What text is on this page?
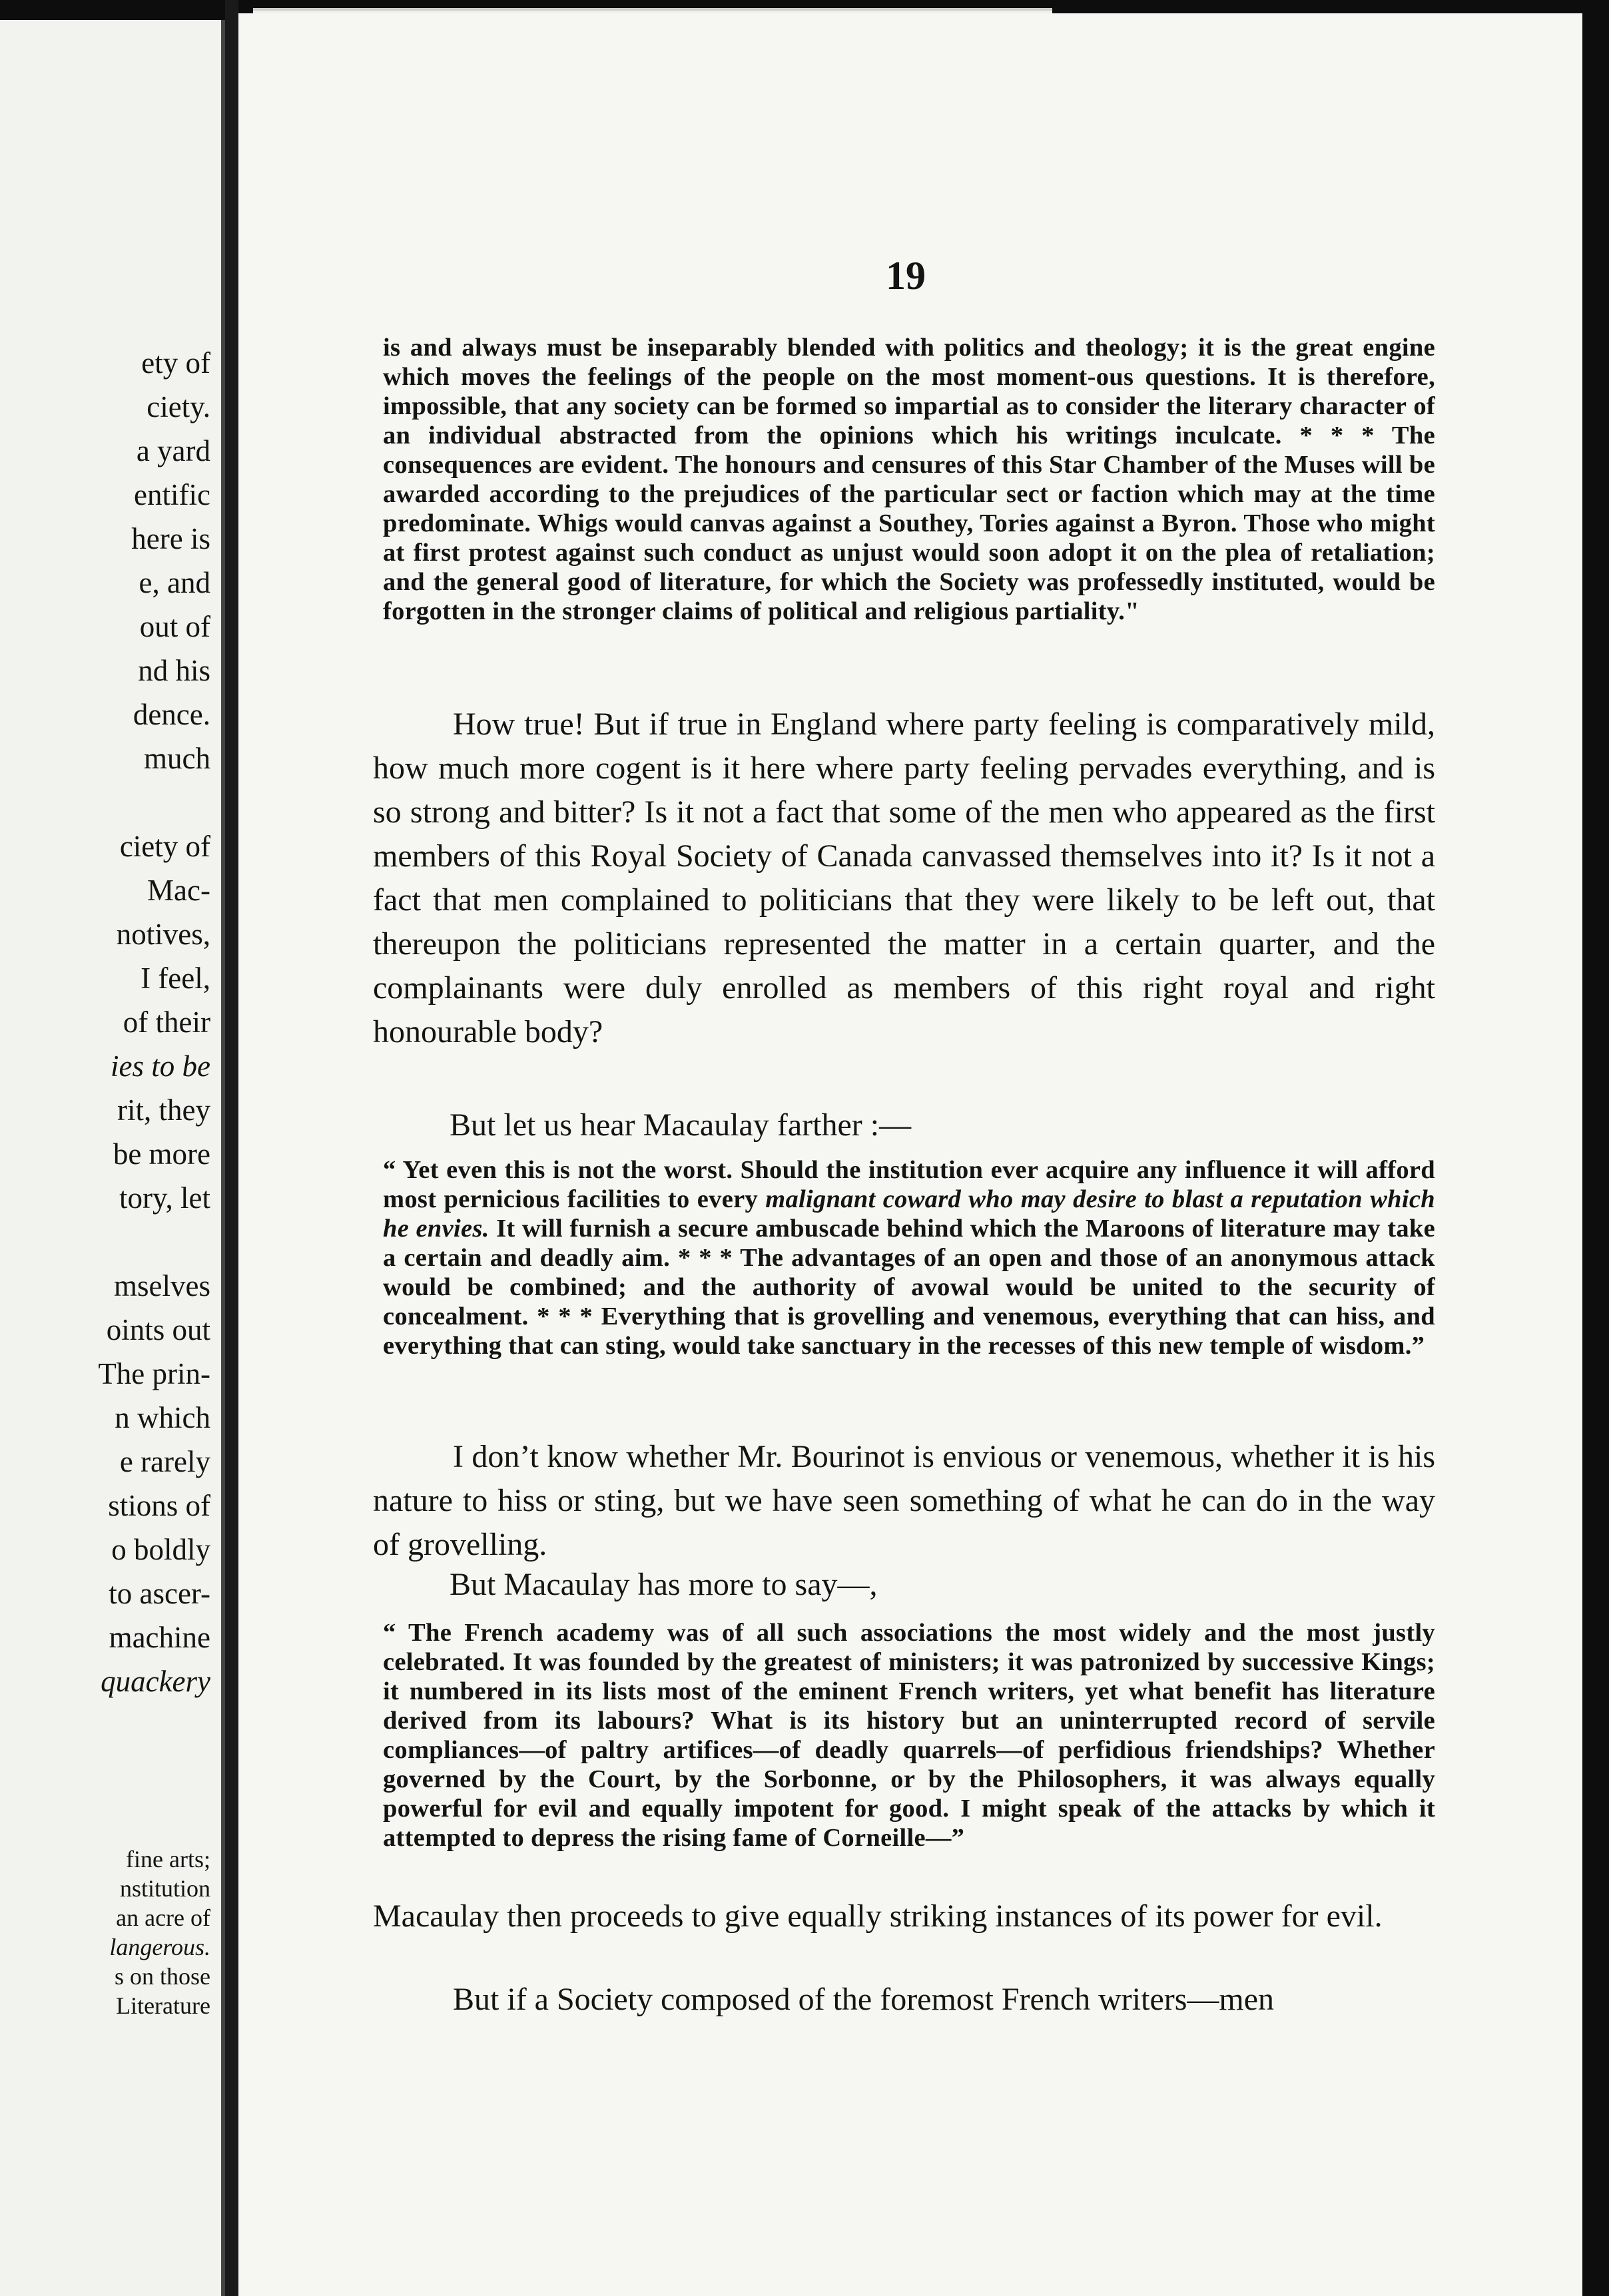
ety of
ciety.
a yard
entific
here is
e, and
out of
nd his
dence.
much
ciety of
Mac-
notives,
I feel,
of their
ies to be
rit, they
be more
tory, let
mselves
oints out
The prin-
n which
e rarely
stions of
o boldly
to ascer-
machine
quackery
fine arts;
nstitution
an acre of
langerous.
s on those
Literature
19

is and always must be inseparably blended with politics and theology; it is the great engine which moves the feelings of the people on the most moment-ous questions. It is therefore, impossible, that any society can be formed so impartial as to consider the literary character of an individual abstracted from the opinions which his writings inculcate. * * * The consequences are evident. The honours and censures of this Star Chamber of the Muses will be awarded according to the prejudices of the particular sect or faction which may at the time predominate. Whigs would canvas against a Southey, Tories against a Byron. Those who might at first protest against such conduct as unjust would soon adopt it on the plea of retaliation; and the general good of literature, for which the Society was professedly instituted, would be forgotten in the stronger claims of political and religious partiality."

How true! But if true in England where party feeling is comparatively mild, how much more cogent is it here where party feeling pervades everything, and is so strong and bitter? Is it not a fact that some of the men who appeared as the first members of this Royal Society of Canada canvassed themselves into it? Is it not a fact that men complained to politicians that they were likely to be left out, that thereupon the politicians represented the matter in a certain quarter, and the complainants were duly enrolled as members of this right royal and right honourable body?

But let us hear Macaulay farther :—

“ Yet even this is not the worst. Should the institution ever acquire any influence it will afford most pernicious facilities to every malignant coward who may desire to blast a reputation which he envies. It will furnish a secure ambuscade behind which the Maroons of literature may take a certain and deadly aim. * * * The advantages of an open and those of an anonymous attack would be combined; and the authority of avowal would be united to the security of concealment. * * * Everything that is grovelling and venemous, everything that can hiss, and everything that can sting, would take sanctuary in the recesses of this new temple of wisdom.”

I don’t know whether Mr. Bourinot is envious or venemous, whether it is his nature to hiss or sting, but we have seen something of what he can do in the way of grovelling.

But Macaulay has more to say—,

“ The French academy was of all such associations the most widely and the most justly celebrated. It was founded by the greatest of ministers; it was patronized by successive Kings; it numbered in its lists most of the eminent French writers, yet what benefit has literature derived from its labours? What is its history but an uninterrupted record of servile compliances—of paltry artifices—of deadly quarrels—of perfidious friendships? Whether governed by the Court, by the Sorbonne, or by the Philosophers, it was always equally powerful for evil and equally impotent for good. I might speak of the attacks by which it attempted to depress the rising fame of Corneille—”

Macaulay then proceeds to give equally striking instances of its power for evil.

But if a Society composed of the foremost French writers—men
